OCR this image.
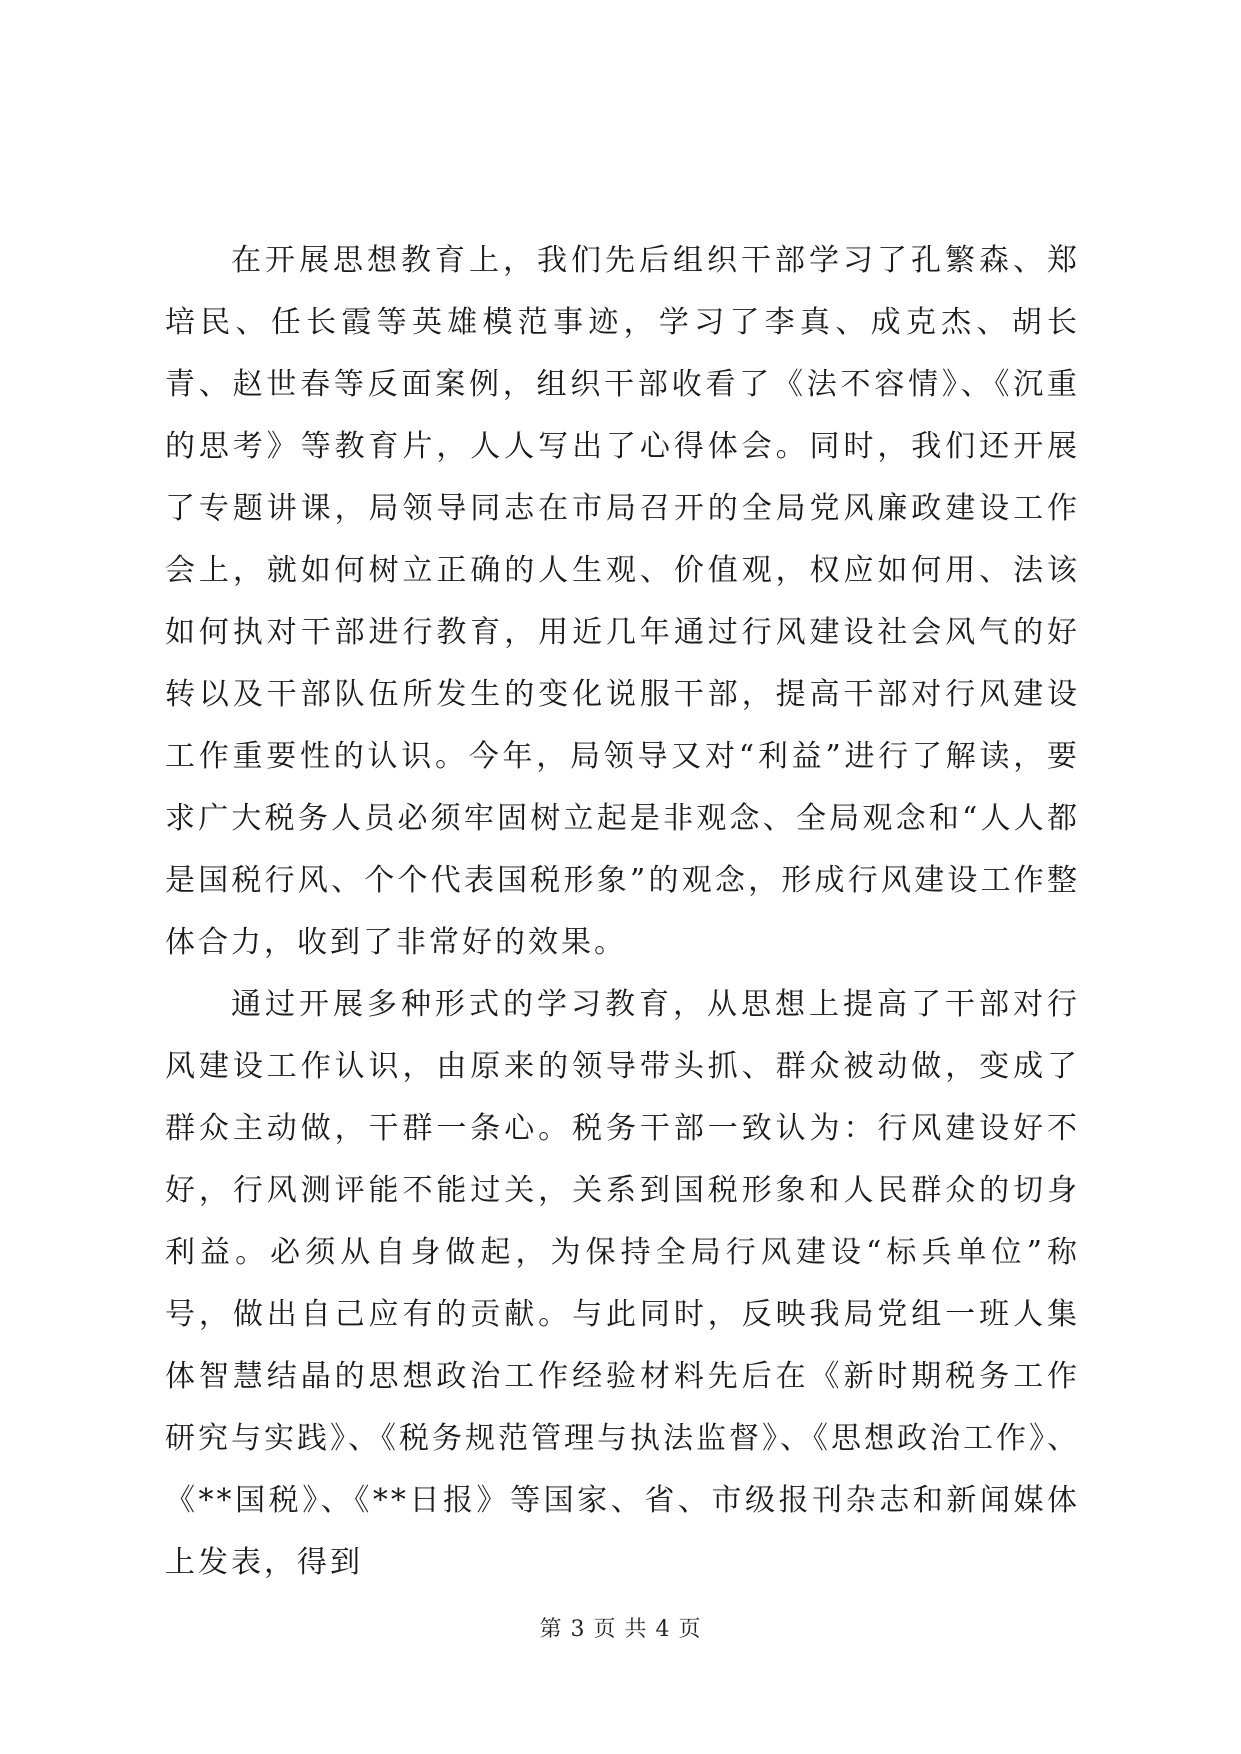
在开展思想教育上，我们先后组织干部学习了孔繁森、郑培民、任长霞等英雄模范事迹，学习了李真、成克杰、胡长青、赵世春等反面案例，组织干部收看了《法不容情》、《沉重的思考》等教育片，人人写出了心得体会。同时，我们还开展了专题讲课，局领导同志在市局召开的全局党风廉政建设工作会上，就如何树立正确的人生观、价值观，权应如何用、法该如何执对干部进行教育，用近几年通过行风建设社会风气的好转以及干部队伍所发生的变化说服干部，提高干部对行风建设工作重要性的认识。今年，局领导又对“利益”进行了解读，要求广大税务人员必须牢固树立起是非观念、全局观念和“人人都是国税行风、个个代表国税形象”的观念，形成行风建设工作整体合力，收到了非常好的效果。

通过开展多种形式的学习教育，从思想上提高了干部对行风建设工作认识，由原来的领导带头抓、群众被动做，变成了群众主动做，干群一条心。税务干部一致认为：行风建设好不好，行风测评能不能过关，关系到国税形象和人民群众的切身利益。必须从自身做起，为保持全局行风建设“标兵单位”称号，做出自己应有的贡献。与此同时，反映我局党组一班人集体智慧结晶的思想政治工作经验材料先后在《新时期税务工作研究与实践》、《税务规范管理与执法监督》、《思想政治工作》、《**国税》、《**日报》等国家、省、市级报刊杂志和新闻媒体上发表，得到

第 3 页 共 4 页
